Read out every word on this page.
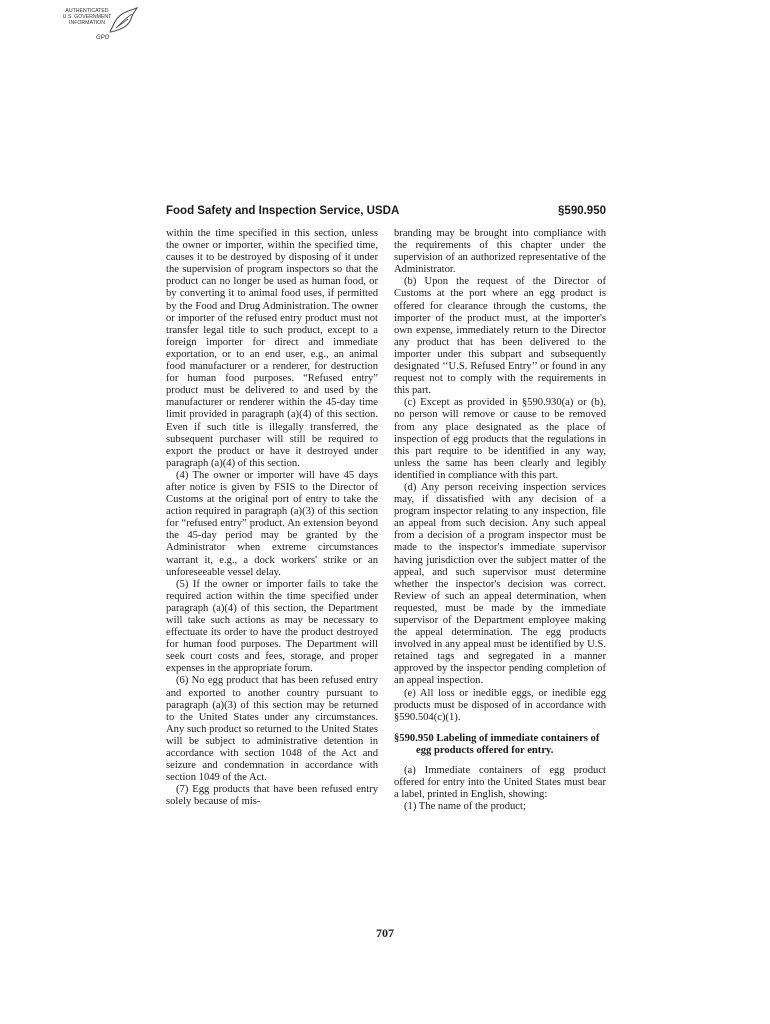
AUTHENTICATED
U.S. GOVERNMENT
INFORMATION
GPO
Food Safety and Inspection Service, USDA	§590.950

within the time specified in this section, unless the owner or importer, within the specified time, causes it to be destroyed by disposing of it under the supervision of program inspectors so that the product can no longer be used as human food, or by converting it to animal food uses, if permitted by the Food and Drug Administration. The owner or importer of the refused entry product must not transfer legal title to such product, except to a foreign importer for direct and immediate exportation, or to an end user, e.g., an animal food manufacturer or a renderer, for destruction for human food purposes. “Refused entry” product must be delivered to and used by the manufacturer or renderer within the 45-day time limit provided in paragraph (a)(4) of this section. Even if such title is illegally transferred, the subsequent purchaser will still be required to export the product or have it destroyed under paragraph (a)(4) of this section.

(4) The owner or importer will have 45 days after notice is given by FSIS to the Director of Customs at the original port of entry to take the action required in paragraph (a)(3) of this section for “refused entry” product. An extension beyond the 45-day period may be granted by the Administrator when extreme circumstances warrant it, e.g., a dock workers' strike or an unforeseeable vessel delay.

(5) If the owner or importer fails to take the required action within the time specified under paragraph (a)(4) of this section, the Department will take such actions as may be necessary to effectuate its order to have the product destroyed for human food purposes. The Department will seek court costs and fees, storage, and proper expenses in the appropriate forum.

(6) No egg product that has been refused entry and exported to another country pursuant to paragraph (a)(3) of this section may be returned to the United States under any circumstances. Any such product so returned to the United States will be subject to administrative detention in accordance with section 1048 of the Act and seizure and condemnation in accordance with section 1049 of the Act.

(7) Egg products that have been refused entry solely because of mis-

branding may be brought into compliance with the requirements of this chapter under the supervision of an authorized representative of the Administrator.

(b) Upon the request of the Director of Customs at the port where an egg product is offered for clearance through the customs, the importer of the product must, at the importer's own expense, immediately return to the Director any product that has been delivered to the importer under this subpart and subsequently designated ‘‘U.S. Refused Entry’’ or found in any request not to comply with the requirements in this part.

(c) Except as provided in §590.930(a) or (b), no person will remove or cause to be removed from any place designated as the place of inspection of egg products that the regulations in this part require to be identified in any way, unless the same has been clearly and legibly identified in compliance with this part.

(d) Any person receiving inspection services may, if dissatisfied with any decision of a program inspector relating to any inspection, file an appeal from such decision. Any such appeal from a decision of a program inspector must be made to the inspector's immediate supervisor having jurisdiction over the subject matter of the appeal, and such supervisor must determine whether the inspector's decision was correct. Review of such an appeal determination, when requested, must be made by the immediate supervisor of the Department employee making the appeal determination. The egg products involved in any appeal must be identified by U.S. retained tags and segregated in a manner approved by the inspector pending completion of an appeal inspection.

(e) All loss or inedible eggs, or inedible egg products must be disposed of in accordance with §590.504(c)(1).

§590.950 Labeling of immediate containers of egg products offered for entry.

(a) Immediate containers of egg product offered for entry into the United States must bear a label, printed in English, showing:

(1) The name of the product;

707
